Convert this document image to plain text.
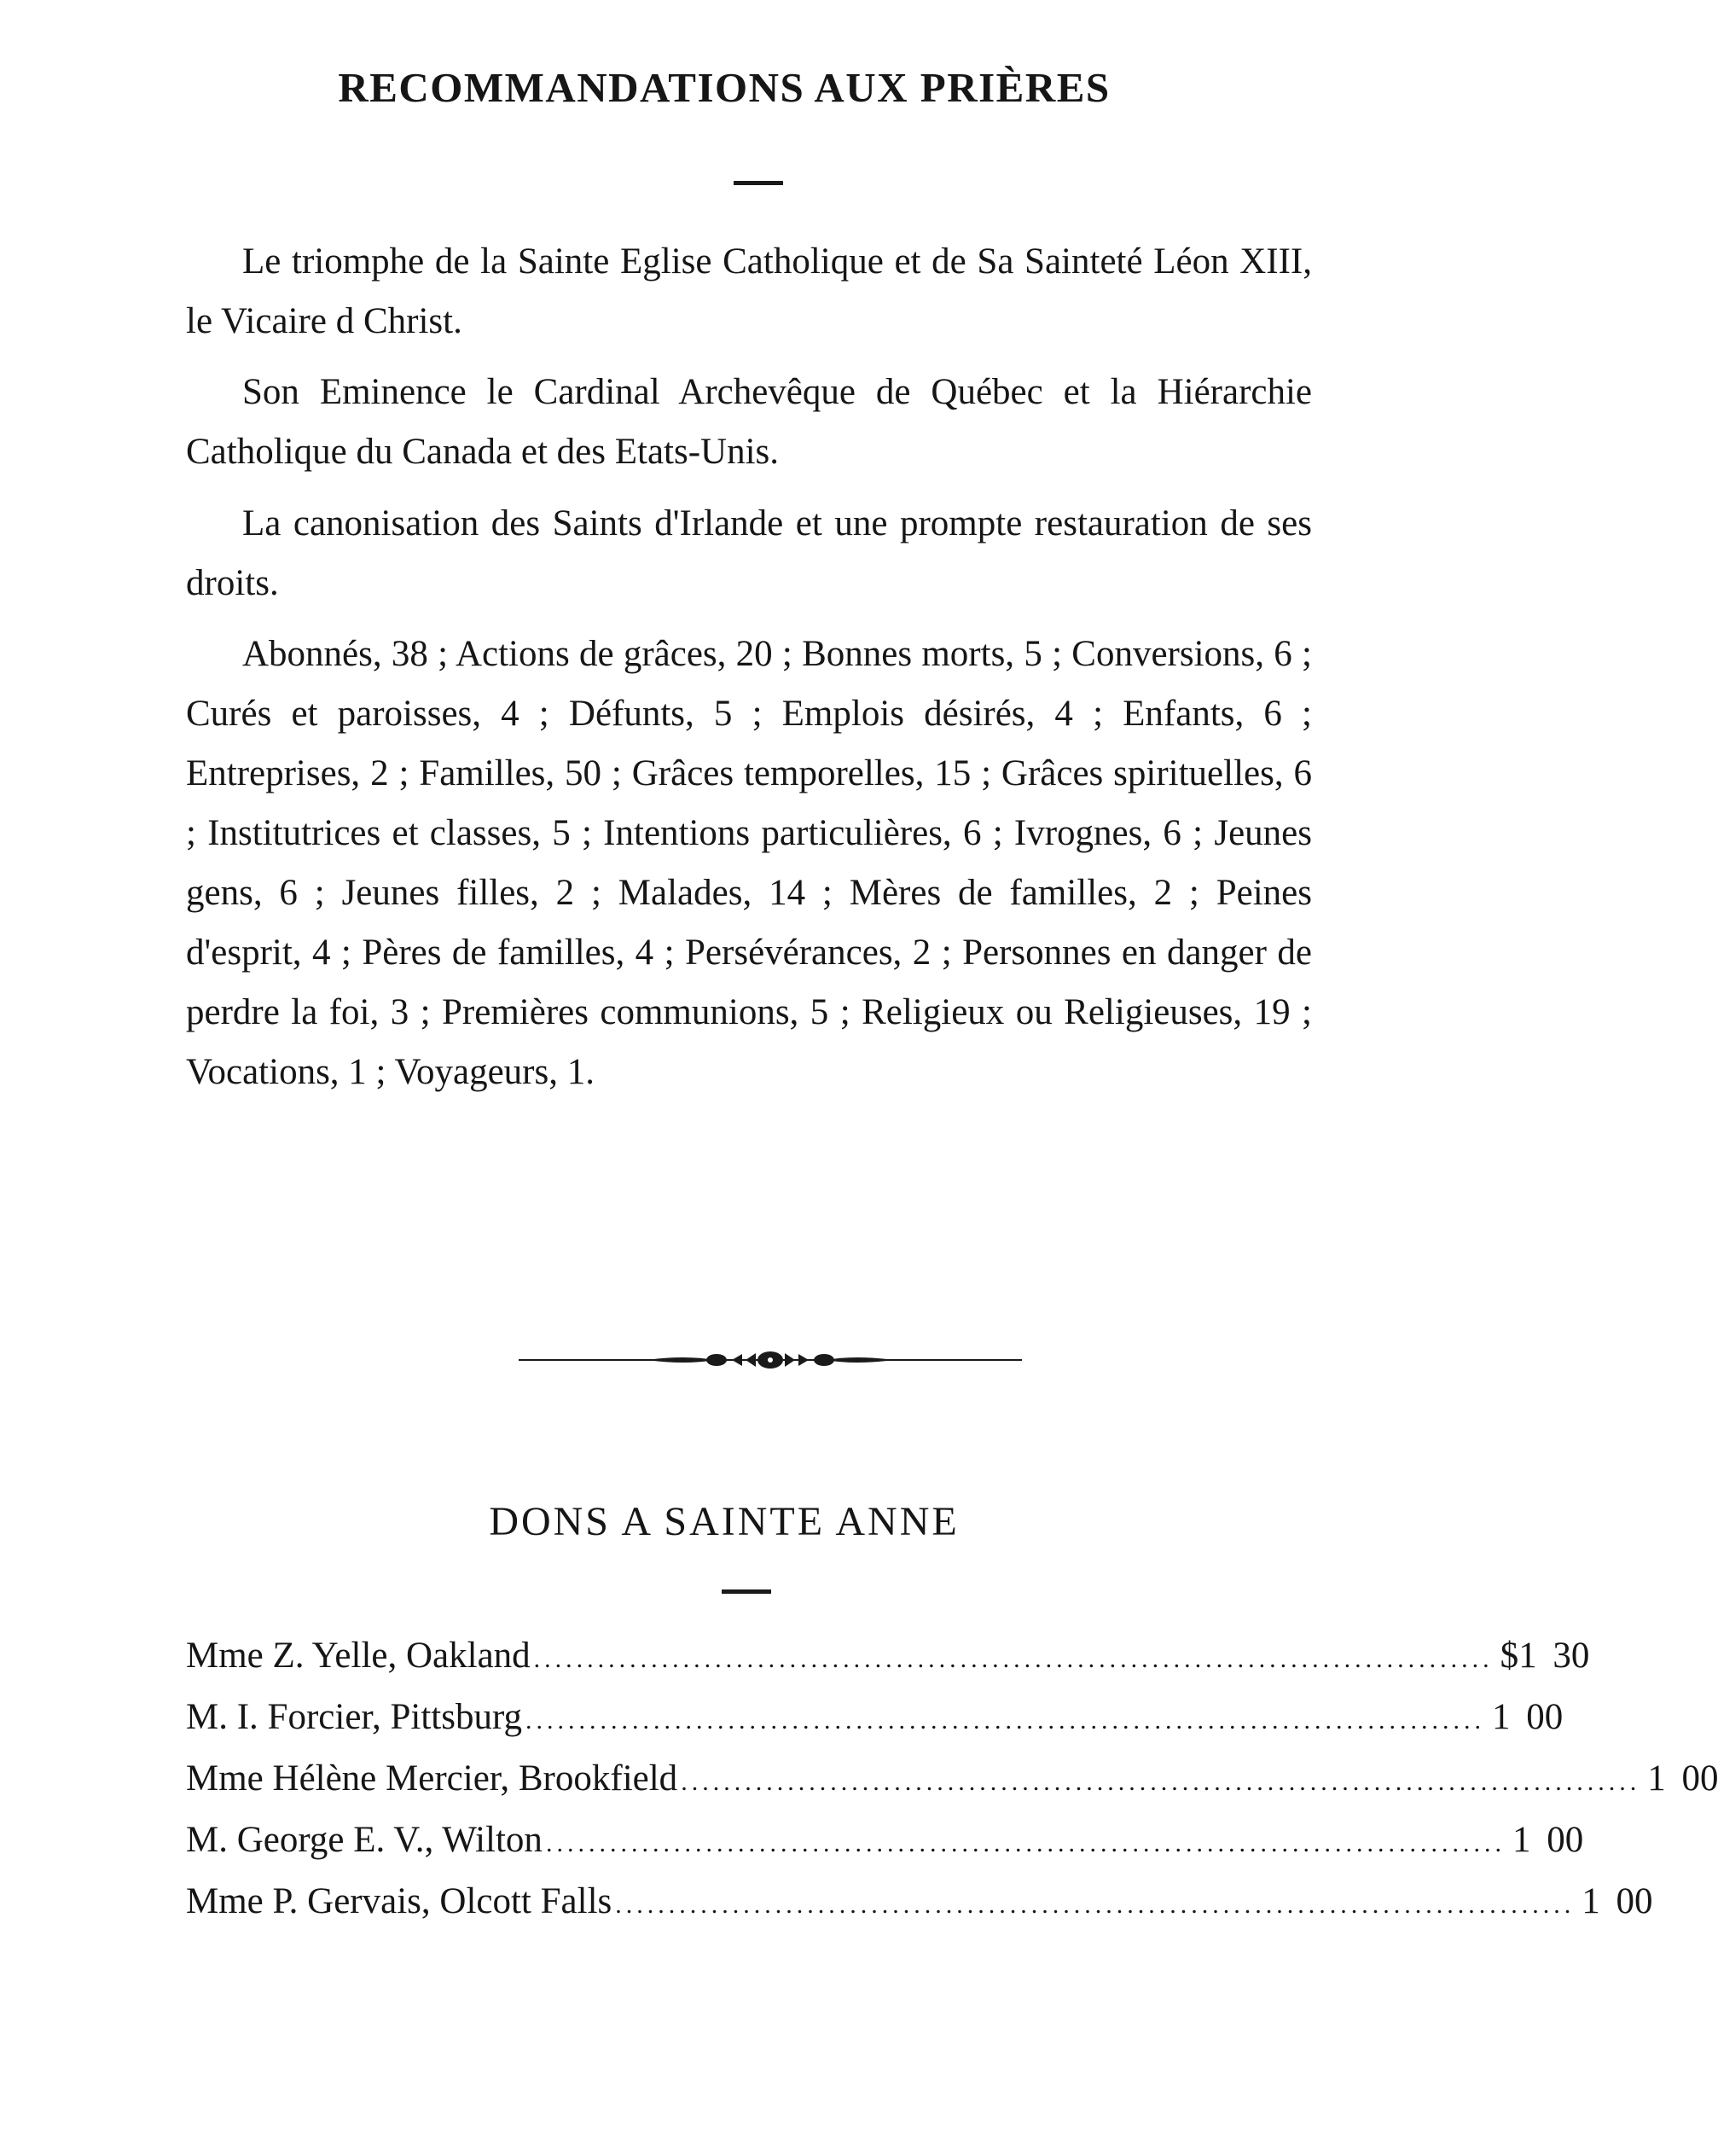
RECOMMANDATIONS AUX PRIÈRES

Le triomphe de la Sainte Eglise Catholique et de Sa Sainteté Léon XIII, le Vicaire d Christ.

Son Eminence le Cardinal Archevêque de Québec et la Hiérarchie Catholique du Canada et des Etats-Unis.

La canonisation des Saints d'Irlande et une prompte restauration de ses droits.

Abonnés, 38 ; Actions de grâces, 20 ; Bonnes morts, 5 ; Conversions, 6 ; Curés et paroisses, 4 ; Défunts, 5 ; Emplois désirés, 4 ; Enfants, 6 ; Entreprises, 2 ; Familles, 50 ; Grâces temporelles, 15 ; Grâces spirituelles, 6 ; Institutrices et classes, 5 ; Intentions particulières, 6 ; Ivrognes, 6 ; Jeunes gens, 6 ; Jeunes filles, 2 ; Malades, 14 ; Mères de familles, 2 ; Peines d'esprit, 4 ; Pères de familles, 4 ; Persévérances, 2 ; Personnes en danger de perdre la foi, 3 ; Premières communions, 5 ; Religieux ou Religieuses, 19 ; Vocations, 1 ; Voyageurs, 1.

DONS A SAINTE ANNE
Mme Z. Yelle, Oakland .......................................................................................... $ 1 30
M. I. Forcier, Pittsburg .......................................................................................... 1 00
Mme Hélène Mercier, Brookfield .......................................................................................... 1 00
M. George E. V., Wilton .......................................................................................... 1 00
Mme P. Gervais, Olcott Falls .......................................................................................... 1 00
